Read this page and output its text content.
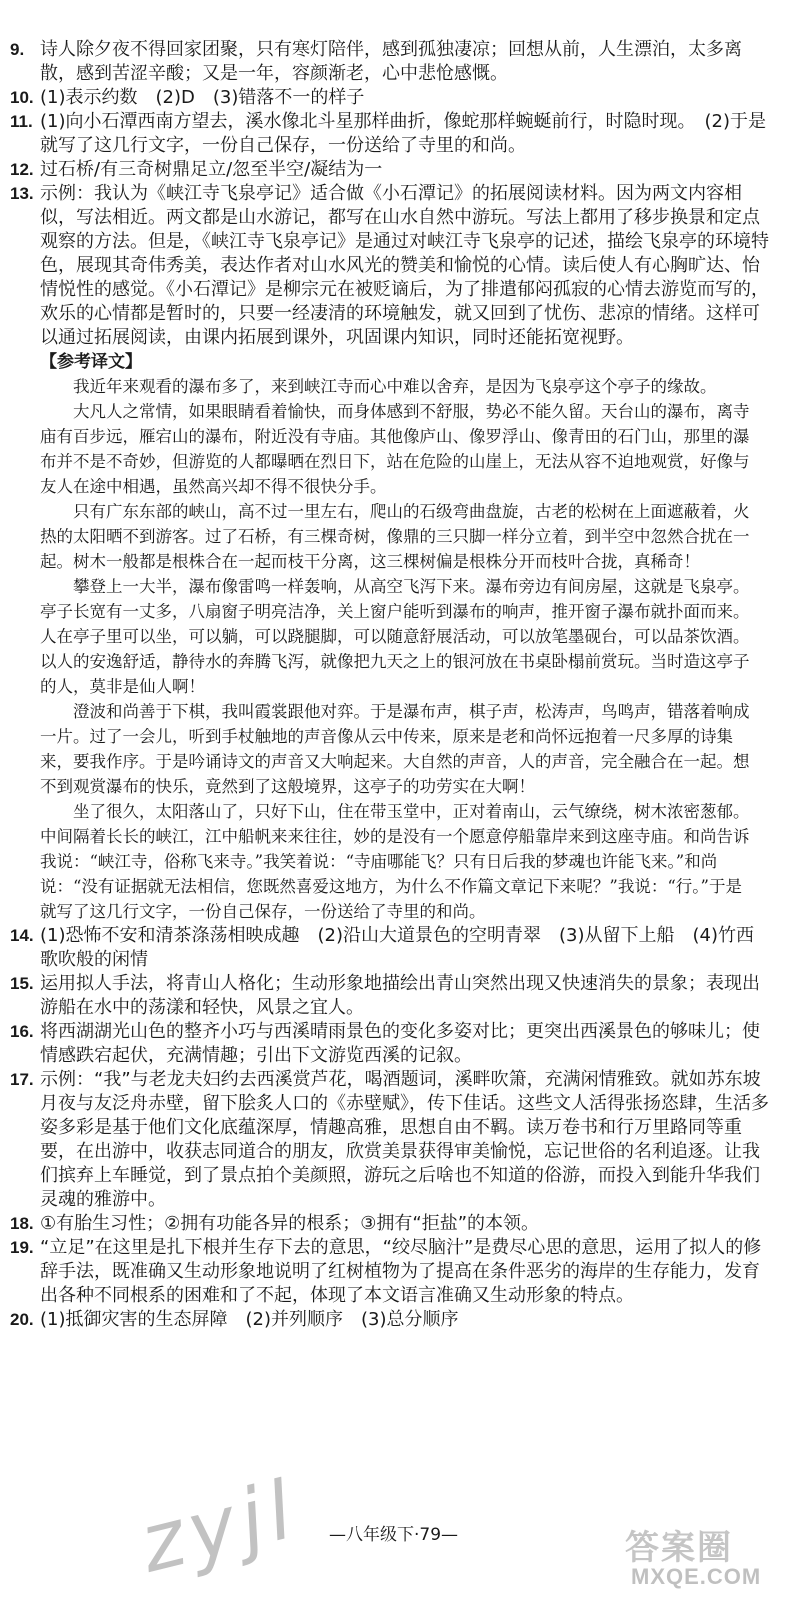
9. 诗人除夕夜不得回家团聚，只有寒灯陪伴，感到孤独凄凉；回想从前，人生漂泊，太多离散，感到苦涩辛酸；又是一年，容颜渐老，心中悲怆感慨。
10. (1)表示约数　(2)D　(3)错落不一的样子
11. (1)向小石潭西南方望去，溪水像北斗星那样曲折，像蛇那样蜿蜒前行，时隐时现。　(2)于是就写了这几行文字，一份自己保存，一份送给了寺里的和尚。
12. 过石桥/有三奇树鼎足立/忽至半空/凝结为一
13. 示例：我认为《峡江寺飞泉亭记》适合做《小石潭记》的拓展阅读材料。因为两文内容相似，写法相近。两文都是山水游记，都写在山水自然中游玩。写法上都用了移步换景和定点观察的方法。但是，《峡江寺飞泉亭记》是通过对峡江寺飞泉亭的记述，描绘飞泉亭的环境特色，展现其奇伟秀美，表达作者对山水风光的赞美和愉悦的心情。读后使人有心胸旷达、怡情悦性的感觉。《小石潭记》是柳宗元在被贬谪后，为了排遣郁闷孤寂的心情去游览而写的，欢乐的心情都是暂时的，只要一经凄清的环境触发，就又回到了忧伤、悲凉的情绪。这样可以通过拓展阅读，由课内拓展到课外，巩固课内知识，同时还能拓宽视野。
【参考译文】

我近年来观看的瀑布多了，来到峡江寺而心中难以舍弃，是因为飞泉亭这个亭子的缘故。

大凡人之常情，如果眼睛看着愉快，而身体感到不舒服，势必不能久留。天台山的瀑布，离寺庙有百步远，雁宕山的瀑布，附近没有寺庙。其他像庐山、像罗浮山、像青田的石门山，那里的瀑布并不是不奇妙，但游览的人都曝晒在烈日下，站在危险的山崖上，无法从容不迫地观赏，好像与友人在途中相遇，虽然高兴却不得不很快分手。

只有广东东部的峡山，高不过一里左右，爬山的石级弯曲盘旋，古老的松树在上面遮蔽着，火热的太阳晒不到游客。过了石桥，有三棵奇树，像鼎的三只脚一样分立着，到半空中忽然合扰在一起。树木一般都是根株合在一起而枝干分离，这三棵树偏是根株分开而枝叶合拢，真稀奇！

攀登上一大半，瀑布像雷鸣一样轰响，从高空飞泻下来。瀑布旁边有间房屋，这就是飞泉亭。亭子长宽有一丈多，八扇窗子明亮洁净，关上窗户能听到瀑布的响声，推开窗子瀑布就扑面而来。人在亭子里可以坐，可以躺，可以跷腿脚，可以随意舒展活动，可以放笔墨砚台，可以品茶饮酒。以人的安逸舒适，静待水的奔腾飞泻，就像把九天之上的银河放在书桌卧榻前赏玩。当时造这亭子的人，莫非是仙人啊！

澄波和尚善于下棋，我叫霞裳跟他对弈。于是瀑布声，棋子声，松涛声，鸟鸣声，错落着响成一片。过了一会儿，听到手杖触地的声音像从云中传来，原来是老和尚怀远抱着一尺多厚的诗集来，要我作序。于是吟诵诗文的声音又大响起来。大自然的声音，人的声音，完全融合在一起。想不到观赏瀑布的快乐，竟然到了这般境界，这亭子的功劳实在大啊！

坐了很久，太阳落山了，只好下山，住在带玉堂中，正对着南山，云气缭绕，树木浓密葱郁。中间隔着长长的峡江，江中船帆来来往往，妙的是没有一个愿意停船靠岸来到这座寺庙。和尚告诉我说：“峡江寺，俗称飞来寺。”我笑着说：“寺庙哪能飞？只有日后我的梦魂也许能飞来。”和尚说：“没有证据就无法相信，您既然喜爱这地方，为什么不作篇文章记下来呢？”我说：“行。”于是就写了这几行文字，一份自己保存，一份送给了寺里的和尚。

14. (1)恐怖不安和清茶涤荡相映成趣　(2)沿山大道景色的空明青翠　(3)从留下上船　(4)竹西歌吹般的闲情
15. 运用拟人手法，将青山人格化；生动形象地描绘出青山突然出现又快速消失的景象；表现出游船在水中的荡漾和轻快，风景之宜人。
16. 将西湖湖光山色的整齐小巧与西溪晴雨景色的变化多姿对比；更突出西溪景色的够味儿；使情感跌宕起伏，充满情趣；引出下文游览西溪的记叙。
17. 示例：“我”与老龙夫妇约去西溪赏芦花，喝酒题词，溪畔吹箫，充满闲情雅致。就如苏东坡月夜与友泛舟赤壁，留下脍炙人口的《赤壁赋》，传下佳话。这些文人活得张扬恣肆，生活多姿多彩是基于他们文化底蕴深厚，情趣高雅，思想自由不羁。读万卷书和行万里路同等重要，在出游中，收获志同道合的朋友，欣赏美景获得审美愉悦，忘记世俗的名利追逐。让我们摈弃上车睡觉，到了景点拍个美颜照，游玩之后啥也不知道的俗游，而投入到能升华我们灵魂的雅游中。
18. ①有胎生习性；②拥有功能各异的根系；③拥有“拒盐”的本领。
19. “立足”在这里是扎下根并生存下去的意思，“绞尽脑汁”是费尽心思的意思，运用了拟人的修辞手法，既准确又生动形象地说明了红树植物为了提高在条件恶劣的海岸的生存能力，发育出各种不同根系的困难和了不起，体现了本文语言准确又生动形象的特点。
20. (1)抵御灾害的生态屏障　(2)并列顺序　(3)总分顺序
—八年级下·79—
zyjl	答案圈
MXQE.COM
